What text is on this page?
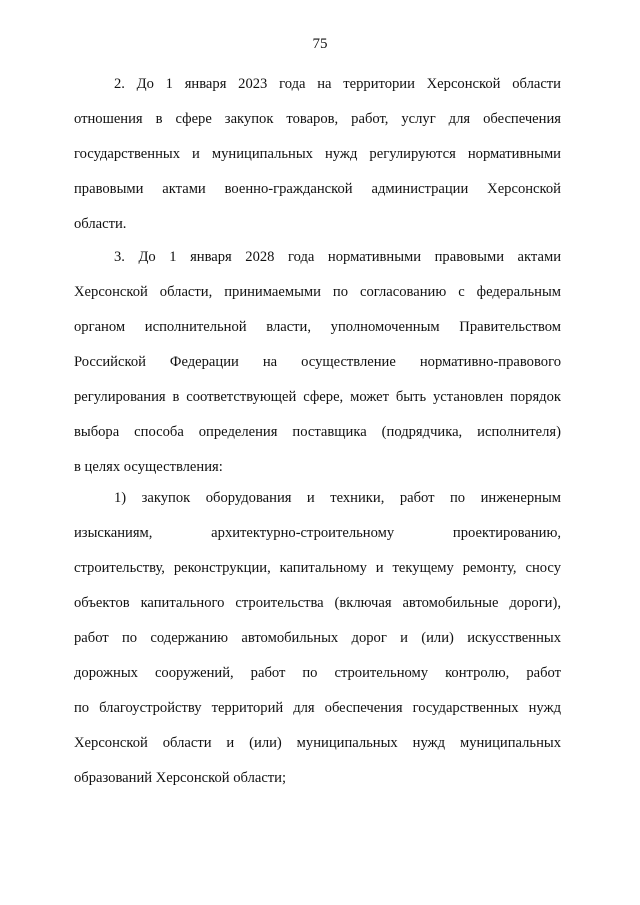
75
2. До 1 января 2023 года на территории Херсонской области
отношения в сфере закупок товаров, работ, услуг для обеспечения
государственных и муниципальных нужд регулируются нормативными
правовыми актами военно-гражданской администрации Херсонской
области.
3. До 1 января 2028 года нормативными правовыми актами
Херсонской области, принимаемыми по согласованию с федеральным
органом исполнительной власти, уполномоченным Правительством
Российской Федерации на осуществление нормативно-правового
регулирования в соответствующей сфере, может быть установлен порядок
выбора способа определения поставщика (подрядчика, исполнителя)
в целях осуществления:
1) закупок оборудования и техники, работ по инженерным
изысканиям, архитектурно-строительному проектированию,
строительству, реконструкции, капитальному и текущему ремонту, сносу
объектов капитального строительства (включая автомобильные дороги),
работ по содержанию автомобильных дорог и (или) искусственных
дорожных сооружений, работ по строительному контролю, работ
по благоустройству территорий для обеспечения государственных нужд
Херсонской области и (или) муниципальных нужд муниципальных
образований Херсонской области;
